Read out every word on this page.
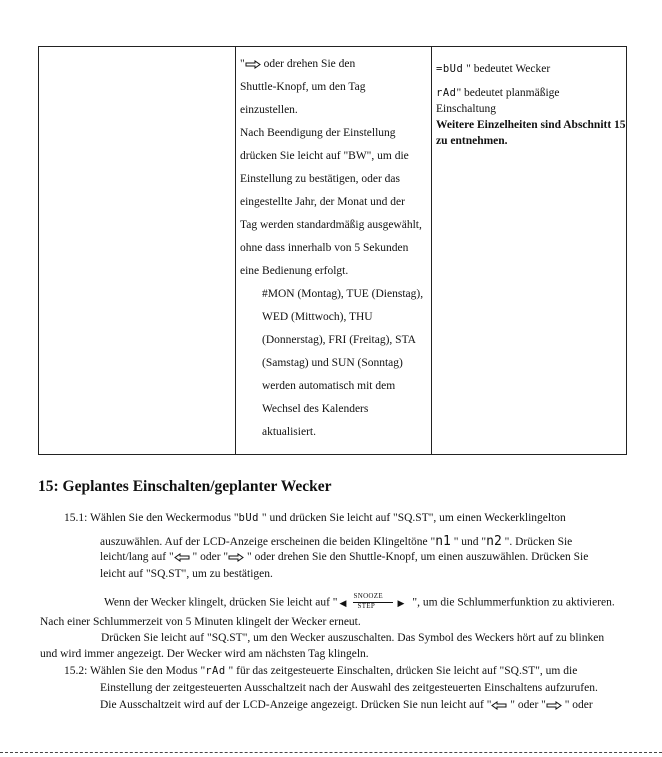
" oder drehen Sie den
Shuttle-Knopf, um den Tag
einzustellen.
Nach Beendigung der Einstellung
drücken Sie leicht auf "BW", um die
Einstellung zu bestätigen, oder das
eingestellte Jahr, der Monat und der
Tag werden standardmäßig ausgewählt,
ohne dass innerhalb von 5 Sekunden
eine Bedienung erfolgt.
#MON (Montag), TUE (Dienstag),
WED (Mittwoch), THU
(Donnerstag), FRI (Freitag), STA
(Samstag) und SUN (Sonntag)
werden automatisch mit dem
Wechsel des Kalenders
aktualisiert.
=bUd " bedeutet Wecker
rAd" bedeutet planmäßige
Einschaltung
Weitere Einzelheiten sind Abschnitt 15 zu entnehmen.
15: Geplantes Einschalten/geplanter Wecker
15.1: Wählen Sie den Weckermodus "bUd " und drücken Sie leicht auf "SQ.ST", um einen Weckerklingelton
auszuwählen. Auf der LCD-Anzeige erscheinen die beiden Klingeltöne "n1 " und "n2 ". Drücken Sie
leicht/lang auf " " oder " " oder drehen Sie den Shuttle-Knopf, um einen auszuwählen. Drücken Sie
leicht auf "SQ.ST", um zu bestätigen.
Wenn der Wecker klingelt, drücken Sie leicht auf " ◀
SNOOZE
STEP ▶ ", um die Schlummerfunktion zu aktivieren.
Nach einer Schlummerzeit von 5 Minuten klingelt der Wecker erneut.
Drücken Sie leicht auf "SQ.ST", um den Wecker auszuschalten. Das Symbol des Weckers hört auf zu blinken
und wird immer angezeigt. Der Wecker wird am nächsten Tag klingeln.
15.2: Wählen Sie den Modus "rAd " für das zeitgesteuerte Einschalten, drücken Sie leicht auf "SQ.ST", um die
Einstellung der zeitgesteuerten Ausschaltzeit nach der Auswahl des zeitgesteuerten Einschaltens aufzurufen.
Die Ausschaltzeit wird auf der LCD-Anzeige angezeigt. Drücken Sie nun leicht auf " " oder " " oder
